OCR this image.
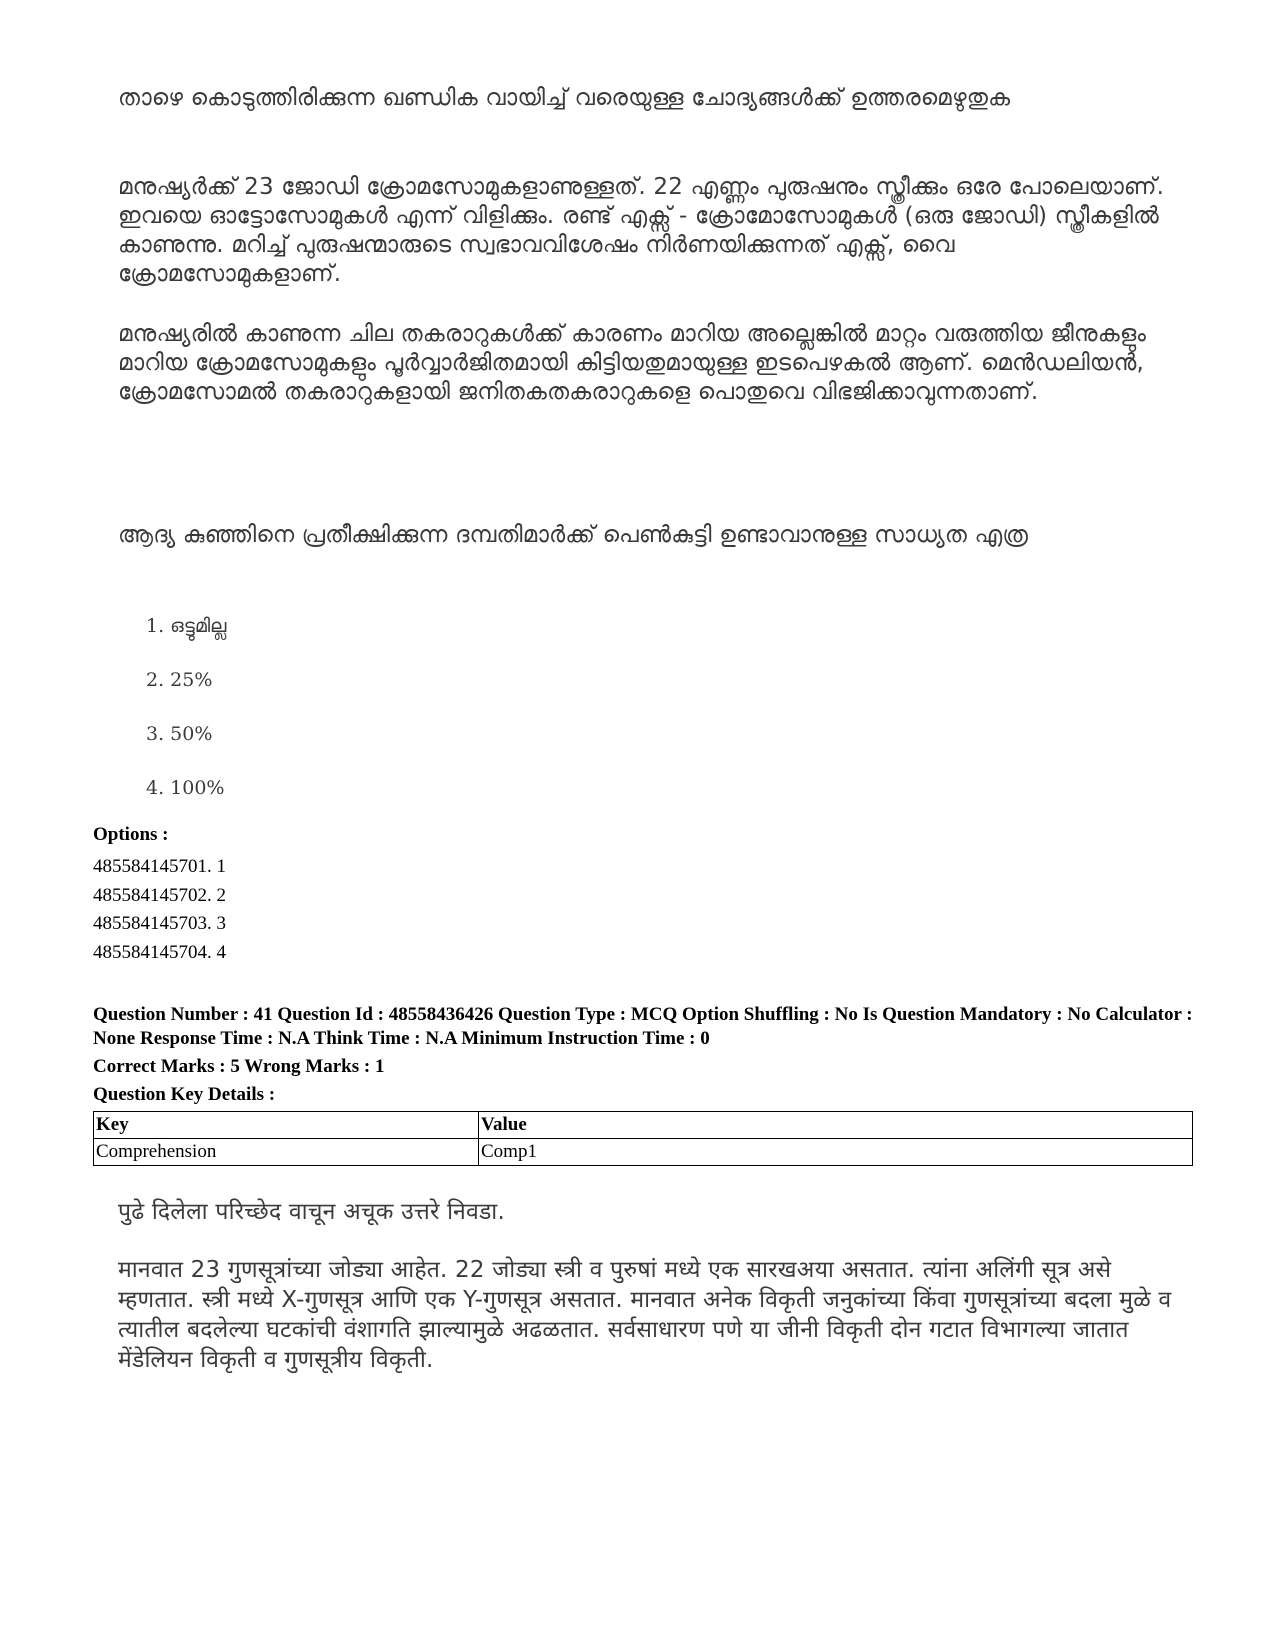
താഴെ കൊടുത്തിരിക്കുന്ന ഖണ്ഡിക വായിച്ച് വരെയുള്ള ചോദ്യങ്ങൾക്ക് ഉത്തരമെഴുതുക

മനുഷ്യർക്ക് 23 ജോഡി ക്രോമസോമുകളാണുള്ളത്. 22 എണ്ണം പുരുഷനും സ്ത്രീക്കും ഒരേ പോലെയാണ്. ഇവയെ ഓട്ടോസോമുകൾ എന്ന് വിളിക്കും. രണ്ട് എക്സ് - ക്രോമോസോമുകൾ (ഒരു ജോഡി) സ്ത്രീകളിൽ കാണുന്നു. മറിച്ച് പുരുഷന്മാരുടെ സ്വഭാവവിശേഷം നിർണയിക്കുന്നത് എക്സ്, വൈ ക്രോമസോമുകളാണ്.

മനുഷ്യരിൽ കാണുന്ന ചില തകരാറുകൾക്ക് കാരണം മാറിയ അല്ലെങ്കിൽ മാറ്റം വരുത്തിയ ജീനുകളും മാറിയ ക്രോമസോമുകളും പൂർവ്വാർജിതമായി കിട്ടിയതുമായുള്ള ഇടപെഴകൽ ആണ്. മെൻഡലിയൻ, ക്രോമസോമൽ തകരാറുകളായി ജനിതകതകരാറുകളെ പൊതുവെ വിഭജിക്കാവുന്നതാണ്.

ആദ്യ കുഞ്ഞിനെ പ്രതീക്ഷിക്കുന്ന ദമ്പതിമാർക്ക് പെൺകുട്ടി ഉണ്ടാവാനുള്ള സാധ്യത എത്ര

1. ഒട്ടുമില്ല
2. 25%
3. 50%
4. 100%
Options :
485584145701. 1
485584145702. 2
485584145703. 3
485584145704. 4
Question Number : 41 Question Id : 48558436426 Question Type : MCQ Option Shuffling : No Is Question Mandatory : No Calculator : None Response Time : N.A Think Time : N.A Minimum Instruction Time : 0
Correct Marks : 5 Wrong Marks : 1
Question Key Details :
Key	Value
Comprehension	Comp1

पुढे दिलेला परिच्छेद वाचून अचूक उत्तरे निवडा.

मानवात 23 गुणसूत्रांच्या जोड्या आहेत. 22 जोड्या स्त्री व पुरुषां मध्ये एक सारखअया असतात. त्यांना अलिंगी सूत्र असे म्हणतात. स्त्री मध्ये X-गुणसूत्र आणि एक Y-गुणसूत्र असतात. मानवात अनेक विकृती जनुकांच्या किंवा गुणसूत्रांच्या बदला मुळे व त्यातील बदलेल्या घटकांची वंशागति झाल्यामुळे अढळतात. सर्वसाधारण पणे या जीनी विकृती दोन गटात विभागल्या जातात मेंडेलियन विकृती व गुणसूत्रीय विकृती.
